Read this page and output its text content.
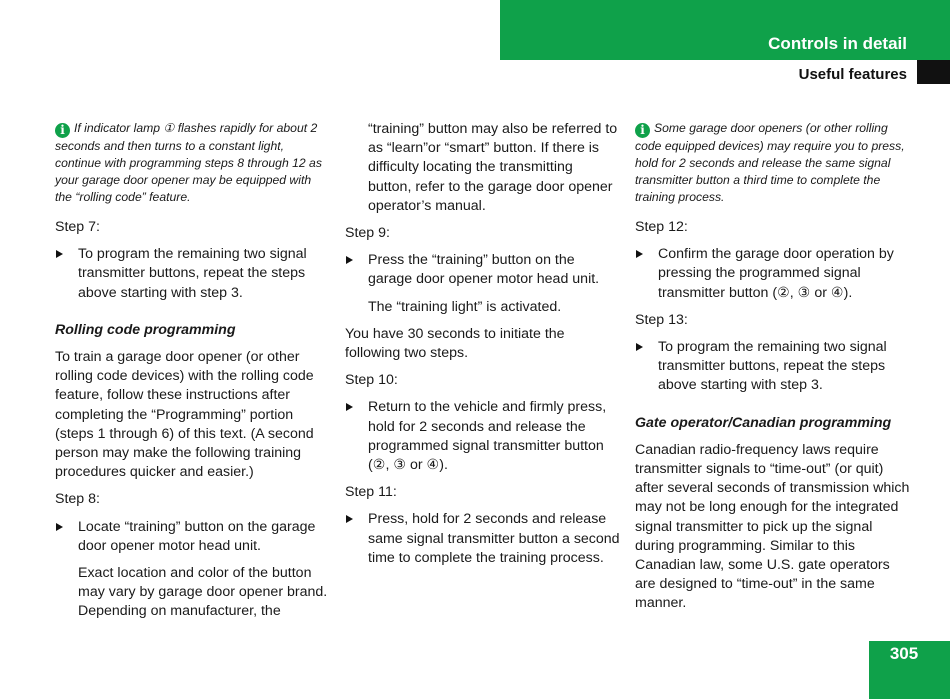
Controls in detail
Useful features

i If indicator lamp ① flashes rapidly for about 2 seconds and then turns to a constant light, continue with programming steps 8 through 12 as your garage door opener may be equipped with the “rolling code” feature.

Step 7:

To program the remaining two signal transmitter buttons, repeat the steps above starting with step 3.

Rolling code programming

To train a garage door opener (or other rolling code devices) with the rolling code feature, follow these instructions after completing the “Programming” portion (steps 1 through 6) of this text. (A second person may make the following training procedures quicker and easier.)

Step 8:

Locate “training” button on the garage door opener motor head unit.

Exact location and color of the button may vary by garage door opener brand. Depending on manufacturer, the

“training” button may also be referred to as “learn”or “smart” button. If there is difficulty locating the transmitting button, refer to the garage door opener operator’s manual.

Step 9:

Press the “training” button on the garage door opener motor head unit.

The “training light” is activated.

You have 30 seconds to initiate the following two steps.

Step 10:

Return to the vehicle and firmly press, hold for 2 seconds and release the programmed signal transmitter button (②, ③ or ④).

Step 11:

Press, hold for 2 seconds and release same signal transmitter button a second time to complete the training process.

i Some garage door openers (or other rolling code equipped devices) may require you to press, hold for 2 seconds and release the same signal transmitter button a third time to complete the training process.

Step 12:

Confirm the garage door operation by pressing the programmed signal transmitter button (②, ③ or ④).

Step 13:

To program the remaining two signal transmitter buttons, repeat the steps above starting with step 3.

Gate operator/Canadian programming

Canadian radio-frequency laws require transmitter signals to “time-out” (or quit) after several seconds of transmission which may not be long enough for the integrated signal transmitter to pick up the signal during programming. Similar to this Canadian law, some U.S. gate operators are designed to “time-out” in the same manner.

305
